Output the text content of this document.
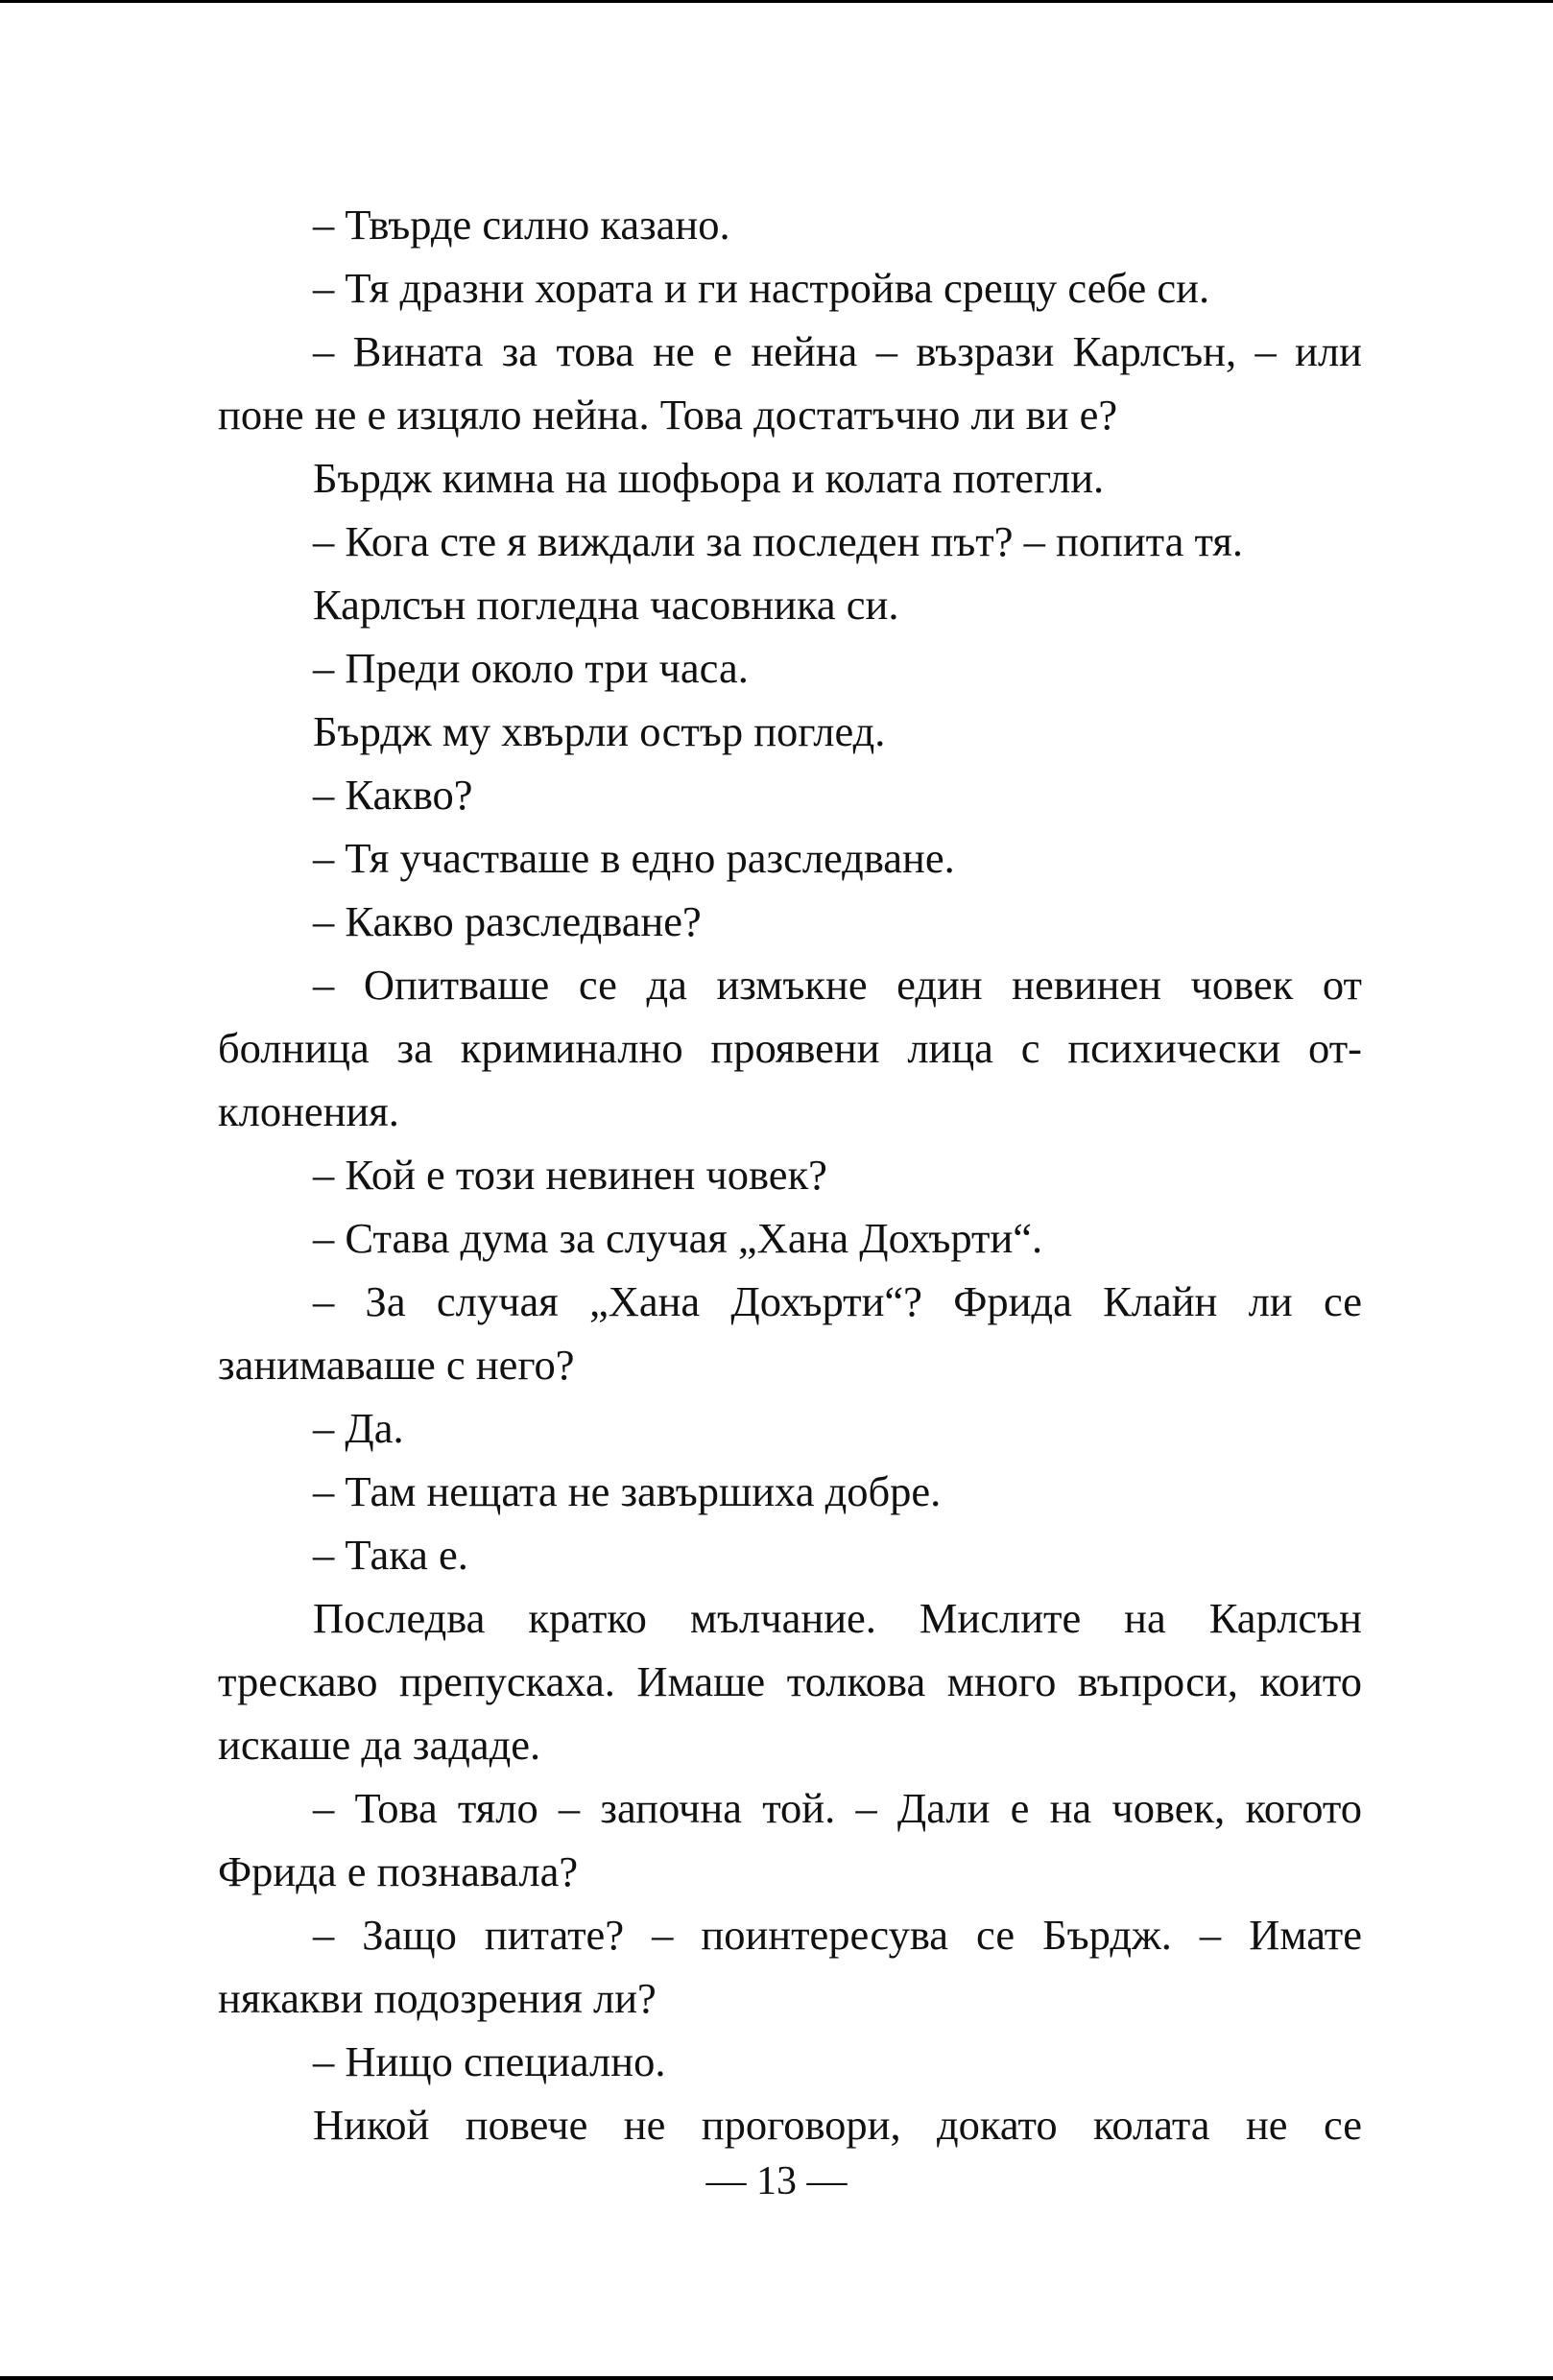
– Твърде силно казано.

– Тя дразни хората и ги настройва срещу себе си.

– Вината за това не е нейна – възрази Карлсън, – или поне не е изцяло нейна. Това достатъчно ли ви е?

Бърдж кимна на шофьора и колата потегли.

– Кога сте я виждали за последен път? – попита тя.

Карлсън погледна часовника си.

– Преди около три часа.

Бърдж му хвърли остър поглед.

– Какво?

– Тя участваше в едно разследване.

– Какво разследване?

– Опитваше се да измъкне един невинен човек от болница за криминално проявени лица с психически отклонения.

– Кой е този невинен човек?

– Става дума за случая „Хана Дохърти“.

– За случая „Хана Дохърти“? Фрида Клайн ли се занимаваше с него?

– Да.

– Там нещата не завършиха добре.

– Така е.

Последва кратко мълчание. Мислите на Карлсън трескаво препускаха. Имаше толкова много въпроси, които искаше да зададе.

– Това тяло – започна той. – Дали е на човек, когото Фрида е познавала?

– Защо питате? – поинтересува се Бърдж. – Имате някакви подозрения ли?

– Нищо специално.

Никой повече не проговори, докато колата не се

— 13 —
